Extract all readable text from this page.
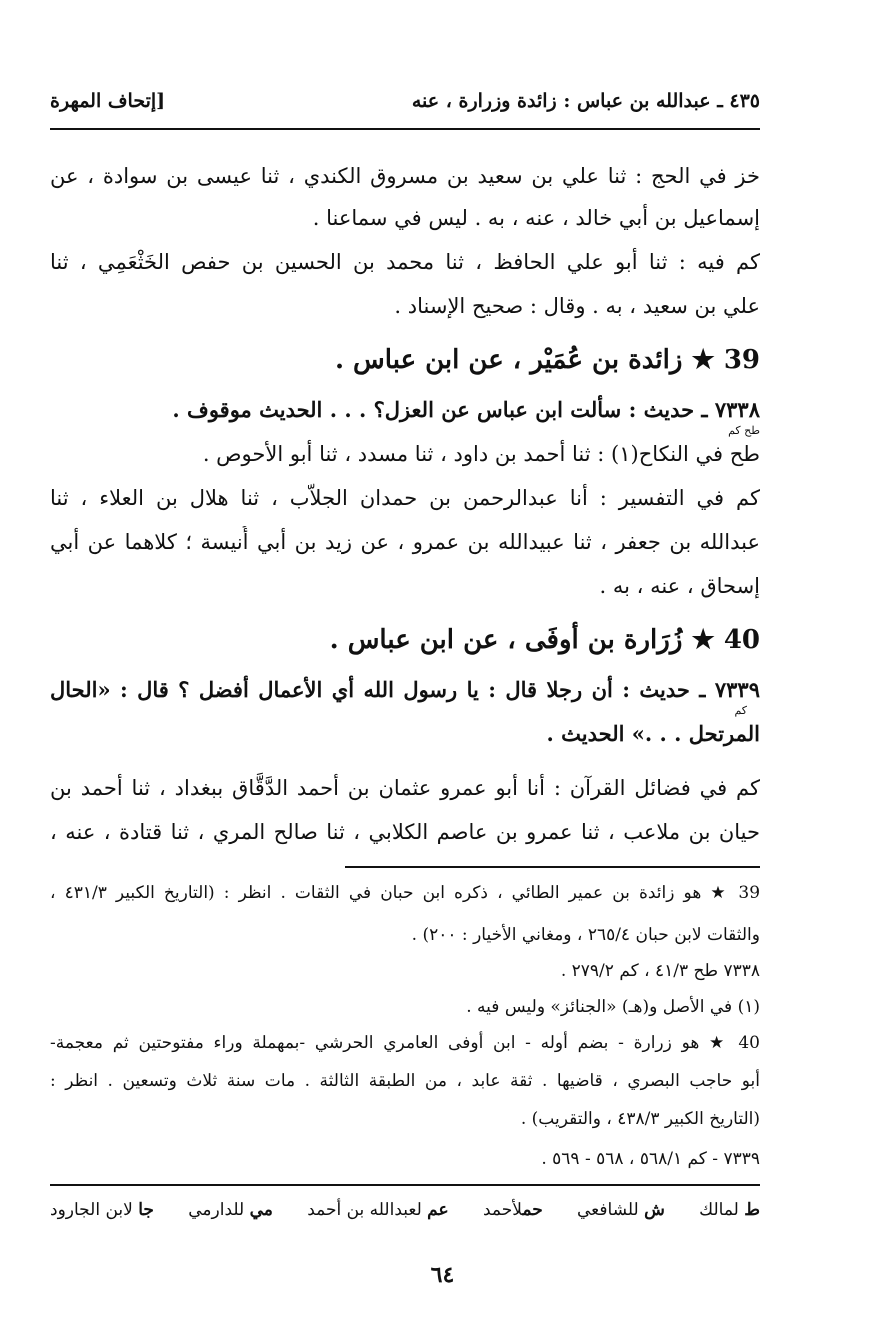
٤٣٥ ـ عبدالله بن عباس : زائدة وزرارة ، عنه
[إتحاف المهرة
خز في الحج : ثنا علي بن سعيد بن مسروق الكندي ، ثنا عيسى بن سوادة ، عن
إسماعيل بن أبي خالد ، عنه ، به . ليس في سماعنا .
كم فيه : ثنا أبو علي الحافظ ، ثنا محمد بن الحسين بن حفص الخَثْعَمِي ، ثنا
علي بن سعيد ، به . وقال : صحيح الإسناد .
39 ★ زائدة بن عُمَيْر ، عن ابن عباس .
٧٣٣٨ ـ حديث : سألت ابن عباس عن العزل؟ . . . الحديث موقوف .
طح كم
طح في النكاح(١) : ثنا أحمد بن داود ، ثنا مسدد ، ثنا أبو الأحوص .
كم في التفسير : أنا عبدالرحمن بن حمدان الجلاّب ، ثنا هلال بن العلاء ، ثنا
عبدالله بن جعفر ، ثنا عبيدالله بن عمرو ، عن زيد بن أبي أُنيسة ؛ كلاهما عن أبي
إسحاق ، عنه ، به .
40 ★ زُرَارة بن أوفَى ، عن ابن عباس .
٧٣٣٩ ـ حديث : أن رجلا قال : يا رسول الله أي الأعمال أفضل ؟ قال : «الحال
كم
المرتحل . . .» الحديث .
كم في فضائل القرآن : أنا أبو عمرو عثمان بن أحمد الدَّقَّاق ببغداد ، ثنا أحمد بن
حيان بن ملاعب ، ثنا عمرو بن عاصم الكلابي ، ثنا صالح المري ، ثنا قتادة ، عنه ،
39 ★ هو زائدة بن عمير الطائي ، ذكره ابن حبان في الثقات . انظر : (التاريخ الكبير ٤٣١/٣ ،
والثقات لابن حبان ٢٦٥/٤ ، ومغاني الأخيار : ٢٠٠) .
٧٣٣٨ طح ٤١/٣ ، كم ٢٧٩/٢ .
(١) في الأصل و(هـ) «الجنائز» وليس فيه .
40 ★ هو زرارة - بضم أوله - ابن أوفى العامري الحرشي -بمهملة وراء مفتوحتين ثم معجمة-
أبو حاجب البصري ، قاضيها . ثقة عابد ، من الطبقة الثالثة . مات سنة ثلاث وتسعين . انظر :
(التاريخ الكبير ٤٣٨/٣ ، والتقريب) .
٧٣٣٩ - كم ٥٦٨/١ ، ٥٦٨ - ٥٦٩ .
ط لمالك
ش للشافعي
حملأحمد
عم لعبدالله بن أحمد
مي للدارمي
جا لابن الجارود
٦٤
